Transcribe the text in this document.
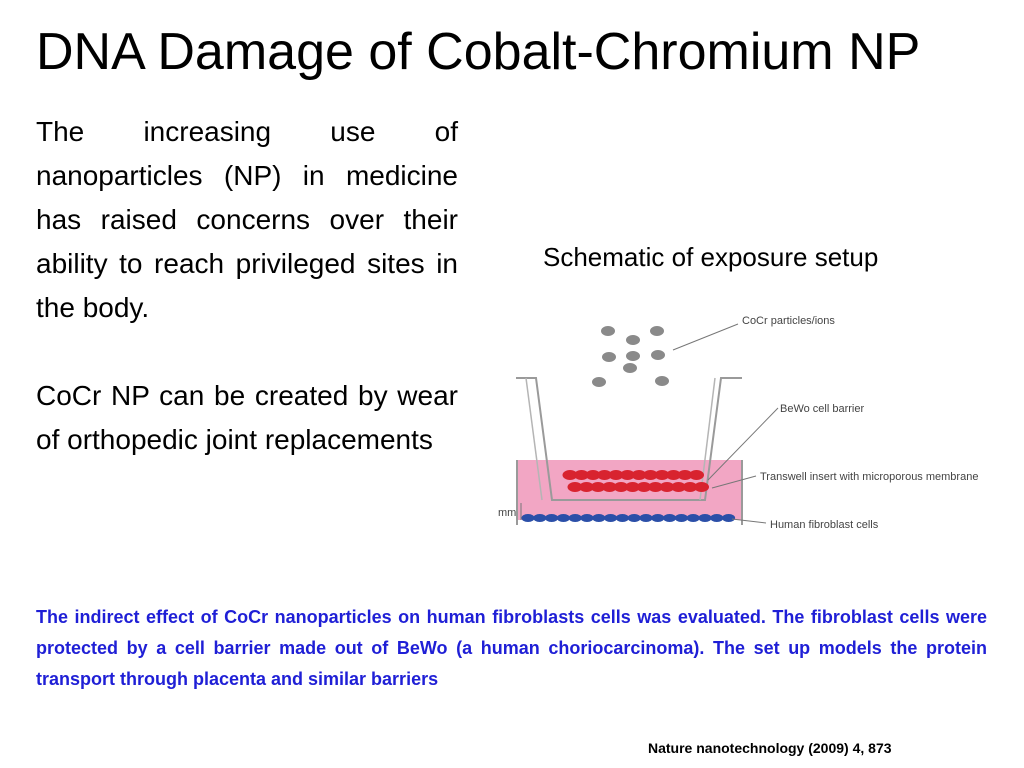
DNA Damage of Cobalt-Chromium NP

The increasing use of nanoparticles (NP) in medicine has raised concerns over their ability to reach privileged sites in the body.

CoCr NP can be created by wear of orthopedic joint replacements

Schematic of exposure setup
mm
CoCr particles/ions
BeWo cell barrier
Transwell insert with microporous membrane
Human fibroblast cells
The indirect effect of CoCr nanoparticles on human fibroblasts cells was evaluated. The fibroblast cells were protected by a cell barrier made out of BeWo (a human choriocarcinoma). The set up models the protein transport through placenta and similar barriers
Nature nanotechnology (2009) 4, 873
